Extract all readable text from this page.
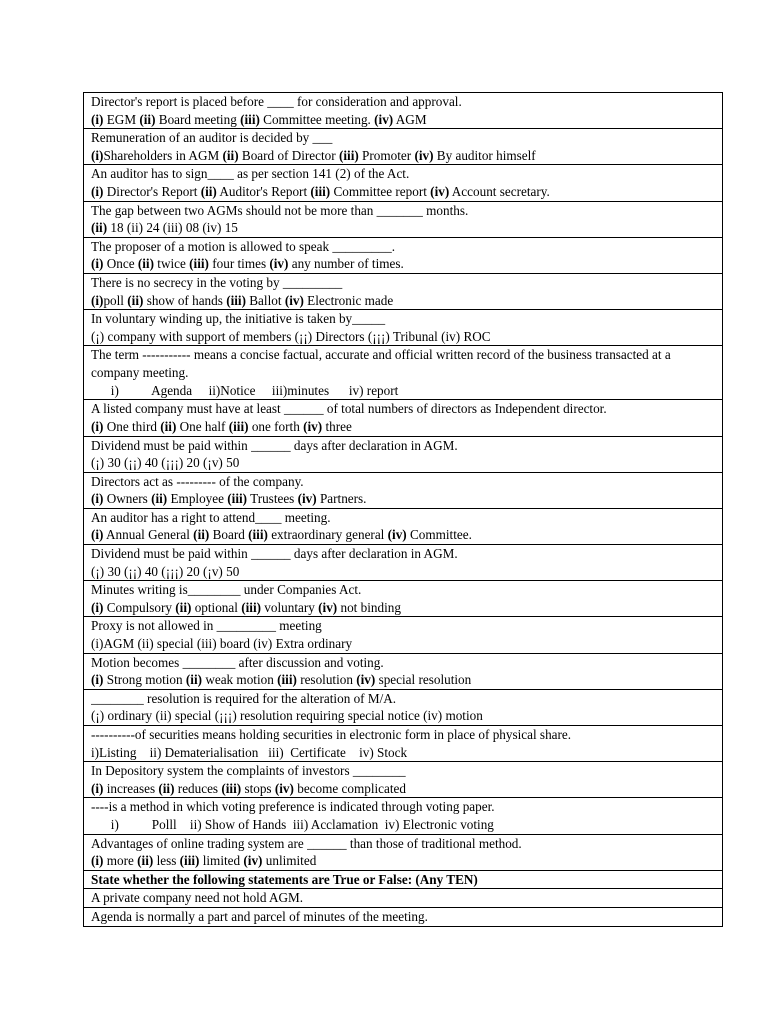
Director's report is placed before ____ for consideration and approval.
(i) EGM (ii) Board meeting (iii) Committee meeting. (iv) AGM

Remuneration of an auditor is decided by ___
(i)Shareholders in AGM (ii) Board of Director (iii) Promoter (iv) By auditor himself

An auditor has to sign____ as per section 141 (2) of the Act.
(i) Director's Report (ii) Auditor's Report (iii) Committee report (iv) Account secretary.

The gap between two AGMs should not be more than _______ months.
(ii) 18 (ii) 24 (iii) 08 (iv) 15

The proposer of a motion is allowed to speak _________.
(i) Once (ii) twice (iii) four times (iv) any number of times.

There is no secrecy in the voting by _________
(i)poll (ii) show of hands (iii) Ballot (iv) Electronic made

In voluntary winding up, the initiative is taken by_____
(¡) company with support of members (¡¡) Directors (¡¡¡) Tribunal (iv) ROC

The term ----------- means a concise factual, accurate and official written record of the business transacted at a company meeting.
i)          Agenda     ii)Notice     iii)minutes      iv) report

A listed company must have at least ______ of total numbers of directors as Independent director.
(i) One third (ii) One half (iii) one forth (iv) three

Dividend must be paid within ______ days after declaration in AGM.
(¡) 30 (¡¡) 40 (¡¡¡) 20 (¡v) 50

Directors act as --------- of the company.
(i) Owners (ii) Employee (iii) Trustees (iv) Partners.

An auditor has a right to attend____ meeting.
(i) Annual General (ii) Board (iii) extraordinary general (iv) Committee.

Dividend must be paid within ______ days after declaration in AGM.
(¡) 30 (¡¡) 40 (¡¡¡) 20 (¡v) 50

Minutes writing is________ under Companies Act.
(i) Compulsory (ii) optional (iii) voluntary (iv) not binding

Proxy is not allowed in _________ meeting
(i)AGM (ii) special (iii) board (iv) Extra ordinary

Motion becomes ________ after discussion and voting.
(i) Strong motion (ii) weak motion (iii) resolution (iv) special resolution

________ resolution is required for the alteration of M/A.
(¡) ordinary (ii) special (¡¡¡) resolution requiring special notice (iv) motion

----------of securities means holding securities in electronic form in place of physical share.
i)Listing    ii) Dematerialisation   iii)  Certificate    iv) Stock

In Depository system the complaints of investors ________
(i) increases (ii) reduces (iii) stops (iv) become complicated

----is a method in which voting preference is indicated through voting paper.
i)          Polll    ii) Show of Hands  iii) Acclamation  iv) Electronic voting

Advantages of online trading system are ______ than those of traditional method.
(i) more (ii) less (iii) limited (iv) unlimited

State whether the following statements are True or False: (Any TEN)
A private company need not hold AGM.
Agenda is normally a part and parcel of minutes of the meeting.
